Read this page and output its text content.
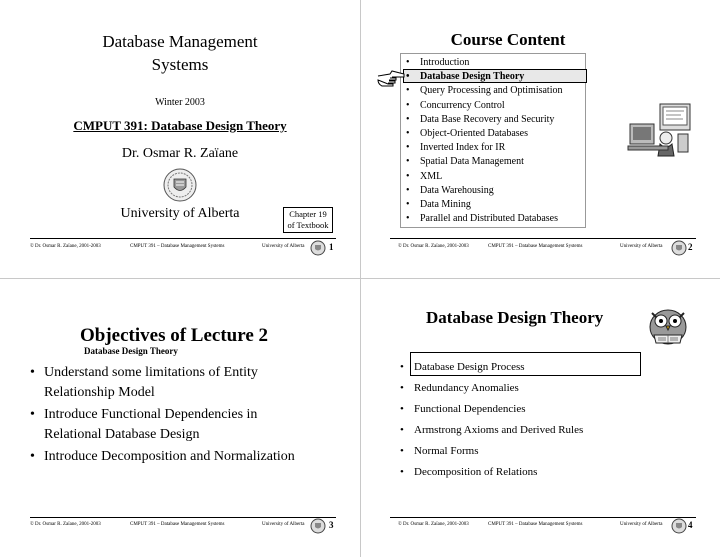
Database Management
Systems
Winter 2003
CMPUT 391: Database Design Theory
Dr. Osmar R. Zaïane
University of Alberta	Chapter 19
of Textbook
Course Content
• Introduction
• Database Design Theory
• Query Processing and Optimisation
• Concurrency Control
• Data Base Recovery and Security
• Object-Oriented Databases
• Inverted Index for IR
• Spatial Data Management
• XML
• Data Warehousing
• Data Mining
• Parallel and Distributed Databases
Objectives of Lecture 2
Database Design Theory
• Understand some limitations of Entity Relationship Model
• Introduce Functional Dependencies in Relational Database Design
• Introduce Decomposition and Normalization
Database Design Theory
• Database Design Process
• Redundancy Anomalies
• Functional Dependencies
• Armstrong Axioms and Derived Rules
• Normal Forms
• Decomposition of Relations
© Dr. Osmar R. Zaïane, 2001-2003	CMPUT 391 – Database Management Systems	University of Alberta	1	© Dr. Osmar R. Zaïane, 2001-2003	CMPUT 391 – Database Management Systems	University of Alberta	2
© Dr. Osmar R. Zaïane, 2001-2003	CMPUT 391 – Database Management Systems	University of Alberta	3	© Dr. Osmar R. Zaïane, 2001-2003	CMPUT 391 – Database Management Systems	University of Alberta	4
